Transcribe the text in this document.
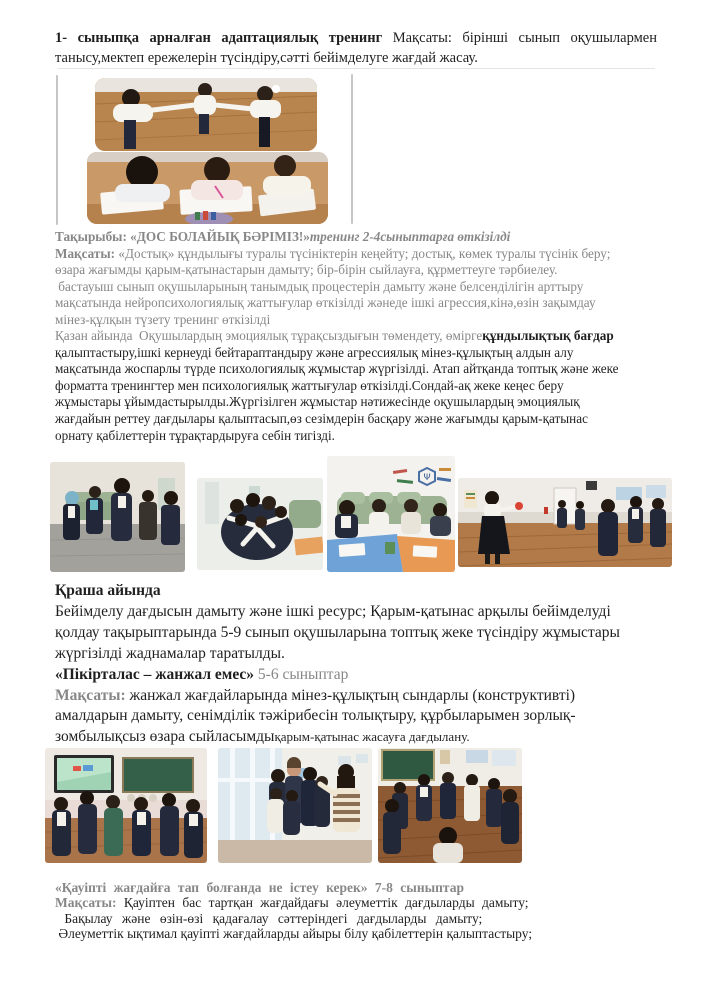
1- сыныпқа арналған адаптациялық тренинг Мақсаты: бірінші сынып оқушылармен
танысу,мектеп ережелерін түсіндіру,сәтті бейімделуге жағдай жасау.
Тақырыбы: «ДОС БОЛАЙЫҚ БӘРІМІЗ!»тренинг 2-4сыныптарға өткізілді
Мақсаты: «Достық» құндылығы туралы түсініктерін кеңейту; достық, көмек туралы түсінік беру;
өзара жағымды қарым-қатынастарын дамыту; бір-бірін сыйлауға, құрметтеуге тәрбиелеу.
бастауыш сынып оқушыларының танымдық процестерін дамыту және белсенділігін арттыру
мақсатында нейропсихологиялық жаттығулар өткізілді жәнеде ішкі агрессия,кінә,өзін зақымдау
мінез-құлқын түзету тренинг өткізілді
Қазан айында  Оқушылардың эмоциялық тұрақсыздығын төмендету, өміргеқұндылықтық бағдар
қалыптастыру,ішкі кернеуді бейтараптандыру және агрессиялық мінез-құлықтың алдын алу
мақсатында жоспарлы түрде психологиялық жұмыстар жүргізілді. Атап айтқанда топтық және жеке
форматта тренингтер мен психологиялық жаттығулар өткізілді.Сондай-ақ жеке кеңес беру
жұмыстары ұйымдастырылды.Жүргізілген жұмыстар нәтижесінде оқушылардың эмоциялық
жағдайын реттеу дағдылары қалыптасып,өз сезімдерін басқару және жағымды қарым-қатынас
орнату қабілеттерін тұрақтардыруға себін тигізді.
Ψ
Қраша айында
Бейімделу дағдысын дамыту және ішкі ресурс; Қарым-қатынас арқылы бейімделуді
қолдау тақырыптарында 5-9 сынып оқушыларына топтық жеке түсіндіру жұмыстары
жүргізілді жаднамалар таратылды.
«Пікірталас – жанжал емес» 5-6 сыныптар
Мақсаты: жанжал жағдайларында мінез-құлықтың сындарлы (конструктивті)
амалдарын дамыту, сенімділік тәжірибесін толықтыру, құрбыларымен зорлық-
зомбылықсыз өзара сыйласымдықарым-қатынас жасауға дағдылану.
«Қауіпті жағдайға тап болғанда не істеу керек» 7-8 сыныптар
Мақсаты: Қауіптен бас тартқан жағдайдағы әлеуметтік дағдыларды дамыту;
Бақылау және өзін-өзі қадағалау сәттеріндегі дағдыларды дамыту;
Әлеуметтік ықтимал қауіпті жағдайларды айыры білу қабілеттерін қалыптастыру;
